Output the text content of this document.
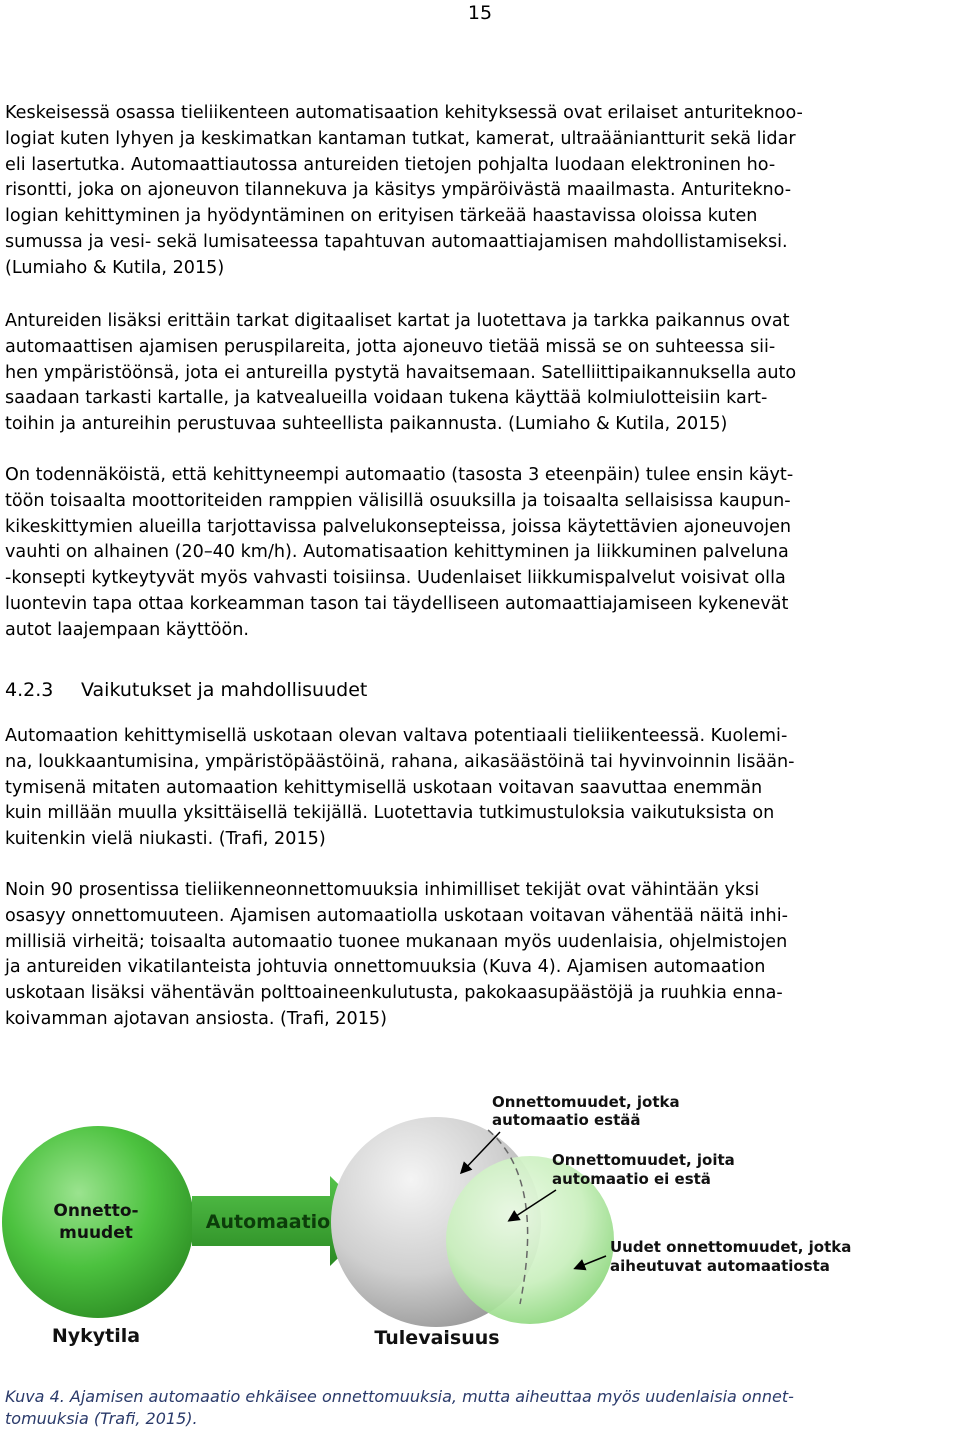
15

Keskeisessä osassa tieliikenteen automatisaation kehityksessä ovat erilaiset anturiteknoo-
logiat kuten lyhyen ja keskimatkan kantaman tutkat, kamerat, ultraääniantturit sekä lidar
eli lasertutka. Automaattiautossa antureiden tietojen pohjalta luodaan elektroninen ho-
risontti, joka on ajoneuvon tilannekuva ja käsitys ympäröivästä maailmasta. Anturitekno-
logian kehittyminen ja hyödyntäminen on erityisen tärkeää haastavissa oloissa kuten
sumussa ja vesi- sekä lumisateessa tapahtuvan automaattiajamisen mahdollistamiseksi.
(Lumiaho & Kutila, 2015)

Antureiden lisäksi erittäin tarkat digitaaliset kartat ja luotettava ja tarkka paikannus ovat
automaattisen ajamisen peruspilareita, jotta ajoneuvo tietää missä se on suhteessa sii-
hen ympäristöönsä, jota ei antureilla pystytä havaitsemaan. Satelliittipaikannuksella auto
saadaan tarkasti kartalle, ja katvealueilla voidaan tukena käyttää kolmiulotteisiin kart-
toihin ja antureihin perustuvaa suhteellista paikannusta. (Lumiaho & Kutila, 2015)

On todennäköistä, että kehittyneempi automaatio (tasosta 3 eteenpäin) tulee ensin käyt-
töön toisaalta moottoriteiden ramppien välisillä osuuksilla ja toisaalta sellaisissa kaupun-
kikeskittymien alueilla tarjottavissa palvelukonsepteissa, joissa käytettävien ajoneuvojen
vauhti on alhainen (20–40 km/h). Automatisaation kehittyminen ja liikkuminen palveluna
-konsepti kytkeytyvät myös vahvasti toisiinsa. Uudenlaiset liikkumispalvelut voisivat olla
luontevin tapa ottaa korkeamman tason tai täydelliseen automaattiajamiseen kykenevät
autot laajempaan käyttöön.

4.2.3 Vaikutukset ja mahdollisuudet

Automaation kehittymisellä uskotaan olevan valtava potentiaali tieliikenteessä. Kuolemi-
na, loukkaantumisina, ympäristöpäästöinä, rahana, aikasäästöinä tai hyvinvoinnin lisään-
tymisenä mitaten automaation kehittymisellä uskotaan voitavan saavuttaa enemmän
kuin millään muulla yksittäisellä tekijällä. Luotettavia tutkimustuloksia vaikutuksista on
kuitenkin vielä niukasti. (Trafi, 2015)

Noin 90 prosentissa tieliikenneonnettomuuksia inhimilliset tekijät ovat vähintään yksi
osasyy onnettomuuteen. Ajamisen automaatiolla uskotaan voitavan vähentää näitä inhi-
millisiä virheitä; toisaalta automaatio tuonee mukanaan myös uudenlaisia, ohjelmistojen
ja antureiden vikatilanteista johtuvia onnettomuuksia (Kuva 4). Ajamisen automaation
uskotaan lisäksi vähentävän polttoaineenkulutusta, pakokaasupäästöjä ja ruuhkia enna-
koivamman ajotavan ansiosta. (Trafi, 2015)

Onnetto-
muudet	Automaatio
Onnettomuudet, jotka
automaatio estää
Onnettomuudet, joita
automaatio ei estä
Uudet onnettomuudet, jotka
aiheutuvat automaatiosta
Nykytila	Tulevaisuus

Kuva 4. Ajamisen automaatio ehkäisee onnettomuuksia, mutta aiheuttaa myös uudenlaisia onnet-
tomuuksia (Trafi, 2015).
